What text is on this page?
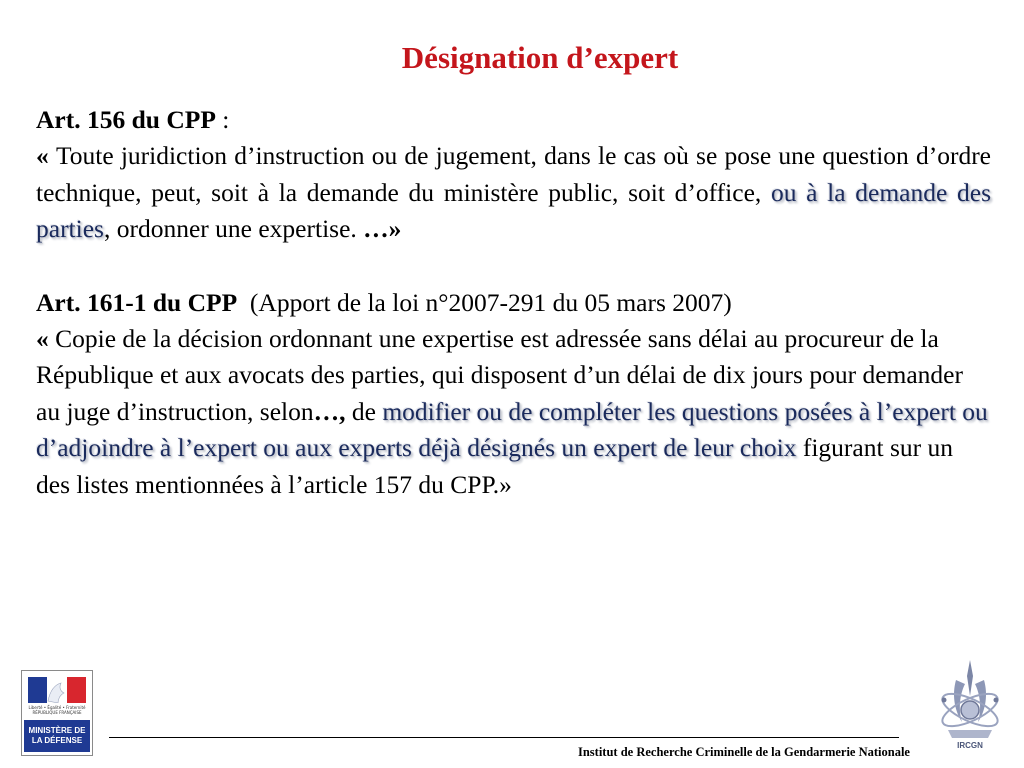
Désignation d’expert
Art. 156 du CPP :

« Toute juridiction d’instruction ou de jugement, dans le cas où se pose une question d’ordre technique, peut, soit à la demande du ministère public, soit d’office, ou à la demande des parties, ordonner une expertise. …»

Art. 161-1 du CPP (Apport de la loi n°2007-291 du 05 mars 2007)

« Copie de la décision ordonnant une expertise est adressée sans délai au procureur de la République et aux avocats des parties, qui disposent d’un délai de dix jours pour demander au juge d’instruction, selon…, de modifier ou de compléter les questions posées à l’expert ou d’adjoindre à l’expert ou aux experts déjà désignés un expert de leur choix figurant sur un des listes mentionnées à l’article 157 du CPP.»

Liberté • Égalité • Fraternité RÉPUBLIQUE FRANÇAISE
MINISTÈRE DE LA DÉFENSE
Institut de Recherche Criminelle de la Gendarmerie Nationale	IRCGN
